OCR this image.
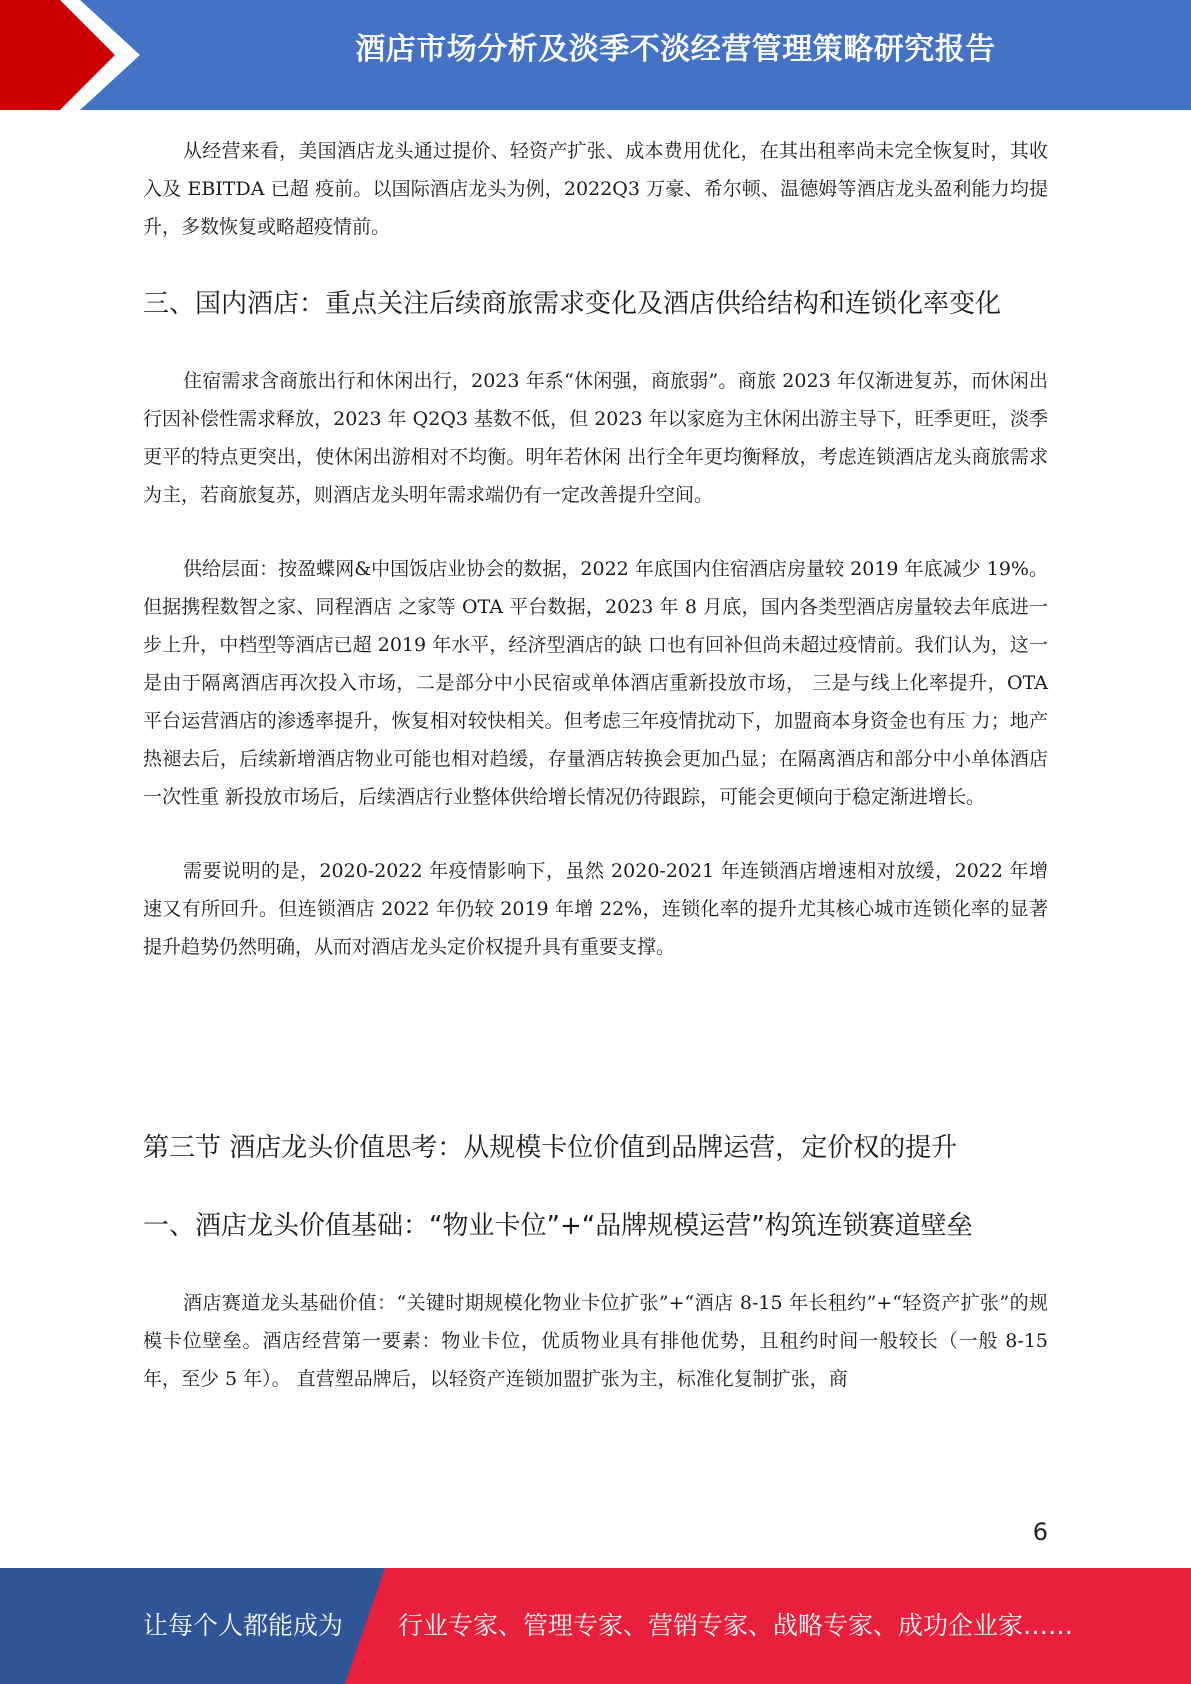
酒店市场分析及淡季不淡经营管理策略研究报告

从经营来看，美国酒店龙头通过提价、轻资产扩张、成本费用优化，在其出租率尚未完全恢复时，其收入及 EBITDA 已超 疫前。以国际酒店龙头为例，2022Q3 万豪、希尔顿、温德姆等酒店龙头盈利能力均提升，多数恢复或略超疫情前。

三、国内酒店：重点关注后续商旅需求变化及酒店供给结构和连锁化率变化

住宿需求含商旅出行和休闲出行，2023 年系“休闲强，商旅弱”。商旅 2023 年仅渐进复苏，而休闲出行因补偿性需求释放，2023 年 Q2Q3 基数不低，但 2023 年以家庭为主休闲出游主导下，旺季更旺，淡季更平的特点更突出，使休闲出游相对不均衡。明年若休闲 出行全年更均衡释放，考虑连锁酒店龙头商旅需求为主，若商旅复苏，则酒店龙头明年需求端仍有一定改善提升空间。

供给层面：按盈蝶网&中国饭店业协会的数据，2022 年底国内住宿酒店房量较 2019 年底减少 19%。但据携程数智之家、同程酒店 之家等 OTA 平台数据，2023 年 8 月底，国内各类型酒店房量较去年底进一步上升，中档型等酒店已超 2019 年水平，经济型酒店的缺 口也有回补但尚未超过疫情前。我们认为，这一是由于隔离酒店再次投入市场，二是部分中小民宿或单体酒店重新投放市场， 三是与线上化率提升，OTA 平台运营酒店的渗透率提升，恢复相对较快相关。但考虑三年疫情扰动下，加盟商本身资金也有压 力；地产热褪去后，后续新增酒店物业可能也相对趋缓，存量酒店转换会更加凸显；在隔离酒店和部分中小单体酒店一次性重 新投放市场后，后续酒店行业整体供给增长情况仍待跟踪，可能会更倾向于稳定渐进增长。

需要说明的是，2020-2022 年疫情影响下，虽然 2020-2021 年连锁酒店增速相对放缓，2022 年增速又有所回升。但连锁酒店 2022 年仍较 2019 年增 22%，连锁化率的提升尤其核心城市连锁化率的显著提升趋势仍然明确，从而对酒店龙头定价权提升具有重要支撑。

第三节 酒店龙头价值思考：从规模卡位价值到品牌运营，定价权的提升
一、酒店龙头价值基础：“物业卡位”+“品牌规模运营”构筑连锁赛道壁垒

酒店赛道龙头基础价值：“关键时期规模化物业卡位扩张”+“酒店 8-15 年长租约”+“轻资产扩张”的规模卡位壁垒。酒店经营第一要素：物业卡位，优质物业具有排他优势，且租约时间一般较长（一般 8-15 年，至少 5 年）。 直营塑品牌后，以轻资产连锁加盟扩张为主，标准化复制扩张，商

6
让每个人都能成为 行业专家、管理专家、营销专家、战略专家、成功企业家……
